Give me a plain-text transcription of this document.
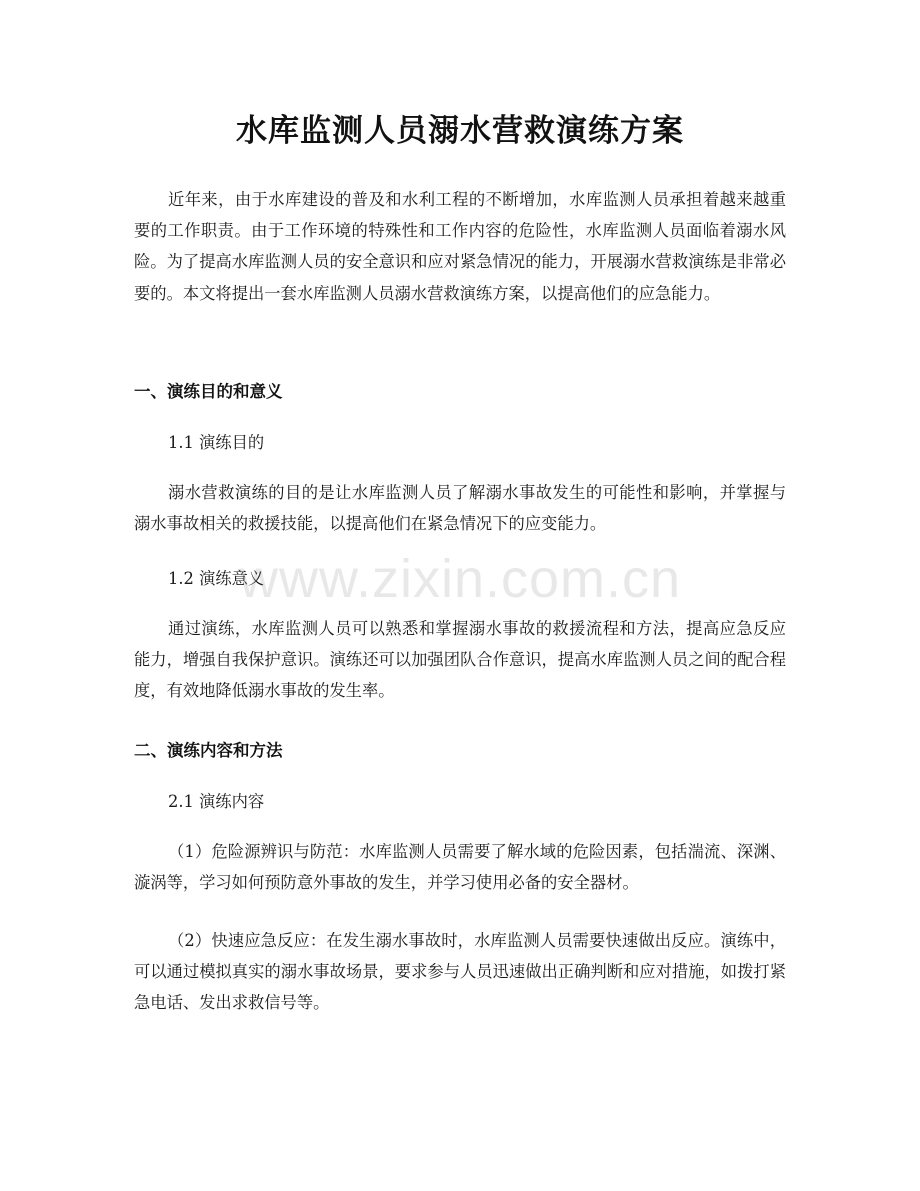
水库监测人员溺水营救演练方案

近年来，由于水库建设的普及和水利工程的不断增加，水库监测人员承担着越来越重要的工作职责。由于工作环境的特殊性和工作内容的危险性，水库监测人员面临着溺水风险。为了提高水库监测人员的安全意识和应对紧急情况的能力，开展溺水营救演练是非常必要的。本文将提出一套水库监测人员溺水营救演练方案，以提高他们的应急能力。

一、演练目的和意义
1.1 演练目的

溺水营救演练的目的是让水库监测人员了解溺水事故发生的可能性和影响，并掌握与溺水事故相关的救援技能，以提高他们在紧急情况下的应变能力。

1.2 演练意义

通过演练，水库监测人员可以熟悉和掌握溺水事故的救援流程和方法，提高应急反应能力，增强自我保护意识。演练还可以加强团队合作意识，提高水库监测人员之间的配合程度，有效地降低溺水事故的发生率。

二、演练内容和方法
2.1 演练内容

（1）危险源辨识与防范：水库监测人员需要了解水域的危险因素，包括湍流、深渊、漩涡等，学习如何预防意外事故的发生，并学习使用必备的安全器材。

（2）快速应急反应：在发生溺水事故时，水库监测人员需要快速做出反应。演练中，可以通过模拟真实的溺水事故场景，要求参与人员迅速做出正确判断和应对措施，如拨打紧急电话、发出求救信号等。

www.zixin.com.cn
